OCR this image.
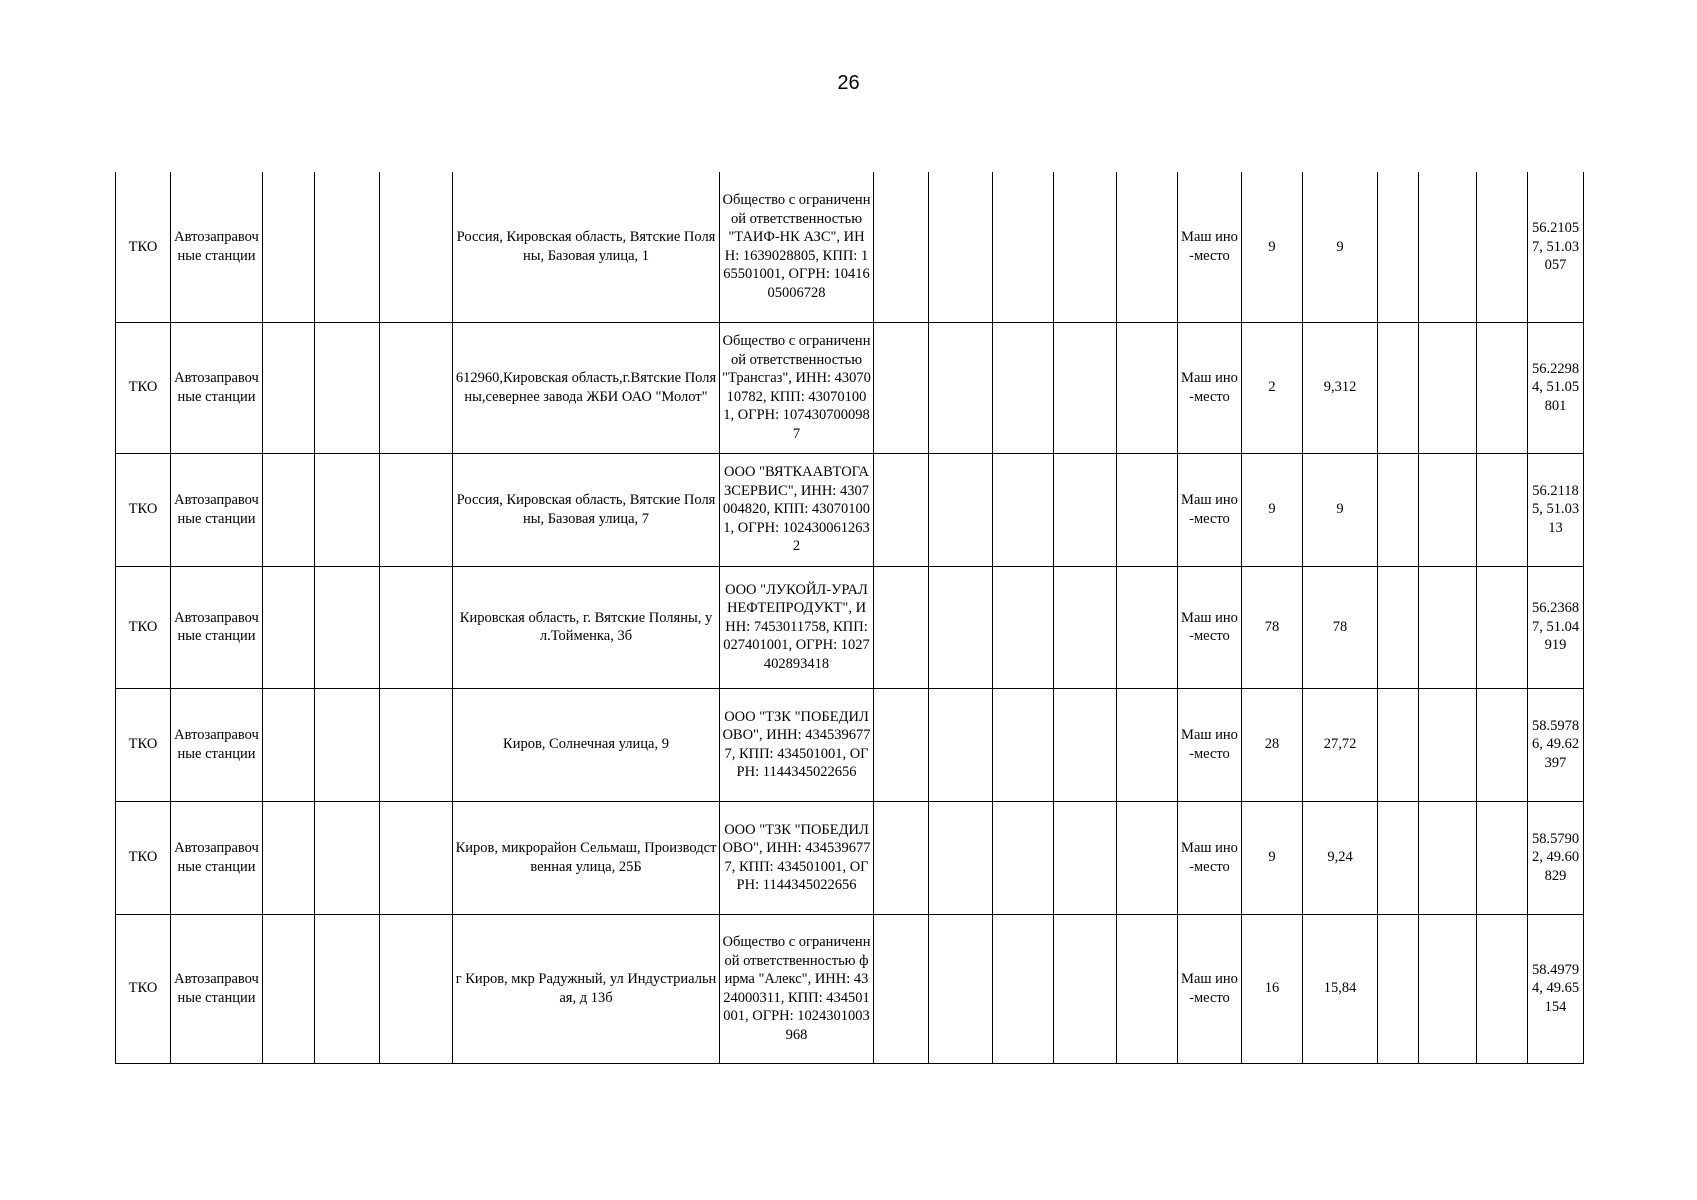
26
ТКО	Автозаправочные станции				Россия, Кировская область, Вятские Поляны, Базовая улица, 1	Общество с ограниченной ответственностью "ТАИФ-НК АЗС", ИНН: 1639028805, КПП: 165501001, ОГРН: 1041605006728						Маш ино-место	9	9				56.21057, 51.03057
ТКО	Автозаправочные станции				612960,Кировская область,г.Вятские Поляны,севернее завода ЖБИ ОАО "Молот"	Общество с ограниченной ответственностью "Трансгаз", ИНН: 4307010782, КПП: 430701001, ОГРН: 1074307000987						Маш ино-место	2	9,312				56.22984, 51.05801
ТКО	Автозаправочные станции				Россия, Кировская область, Вятские Поляны, Базовая улица, 7	ООО "ВЯТКААВТОГАЗСЕРВИС", ИНН: 4307004820, КПП: 430701001, ОГРН: 1024300612632						Маш ино-место	9	9				56.21185, 51.0313
ТКО	Автозаправочные станции				Кировская область, г. Вятские Поляны, ул.Тойменка, 3б	ООО "ЛУКОЙЛ-УРАЛНЕФТЕПРОДУКТ", ИНН: 7453011758, КПП: 027401001, ОГРН: 1027402893418						Маш ино-место	78	78				56.23687, 51.04919
ТКО	Автозаправочные станции				Киров, Солнечная улица, 9	ООО "ТЗК "ПОБЕДИЛОВО", ИНН: 4345396777, КПП: 434501001, ОГРН: 1144345022656						Маш ино-место	28	27,72				58.59786, 49.62397
ТКО	Автозаправочные станции				Киров, микрорайон Сельмаш, Производственная улица, 25Б	ООО "ТЗК "ПОБЕДИЛОВО", ИНН: 4345396777, КПП: 434501001, ОГРН: 1144345022656						Маш ино-место	9	9,24				58.57902, 49.60829
ТКО	Автозаправочные станции				г Киров, мкр Радужный, ул Индустриальная, д 13б	Общество с ограниченной ответственностью фирма "Алекс", ИНН: 4324000311, КПП: 434501001, ОГРН: 1024301003968						Маш ино-место	16	15,84				58.49794, 49.65154
